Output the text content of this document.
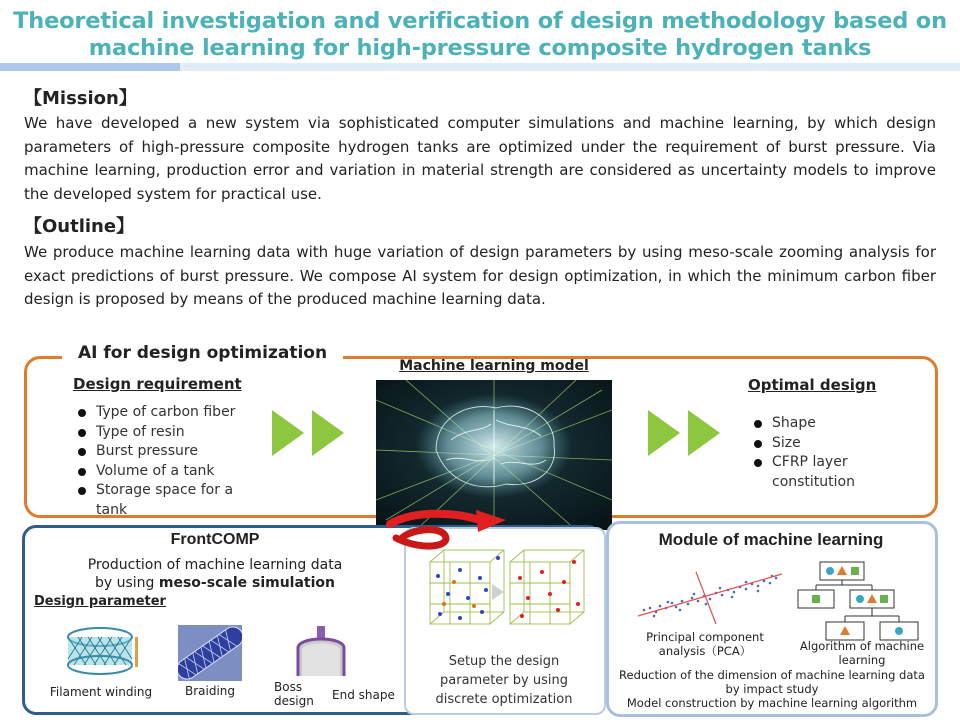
Theoretical investigation and verification of design methodology based on
machine learning for high-pressure composite hydrogen tanks
【Mission】
We have developed a new system via sophisticated computer simulations and machine learning, by which design parameters of high-pressure composite hydrogen tanks are optimized under the requirement of burst pressure. Via machine learning, production error and variation in material strength are considered as uncertainty models to improve the developed system for practical use.
【Outline】
We produce machine learning data with huge variation of design parameters by using meso-scale zooming analysis for exact predictions of burst pressure. We compose AI system for design optimization, in which the minimum carbon fiber design is proposed by means of the produced machine learning data.
AI for design optimization
Design requirement
Type of carbon fiber
Type of resin
Burst pressure
Volume of a tank
Storage space for a tank
Machine learning model
Optimal design
Shape
Size
CFRP layer constitution
FrontCOMP
Production of machine learning data
by using meso-scale simulation
Design parameter
Filament winding	Braiding	Boss design	End shape
Setup the design parameter by using discrete optimization
Module of machine learning
Principal component analysis（PCA）	Algorithm of machine learning
Reduction of the dimension of machine learning data
by impact study
Model construction by machine learning algorithm
